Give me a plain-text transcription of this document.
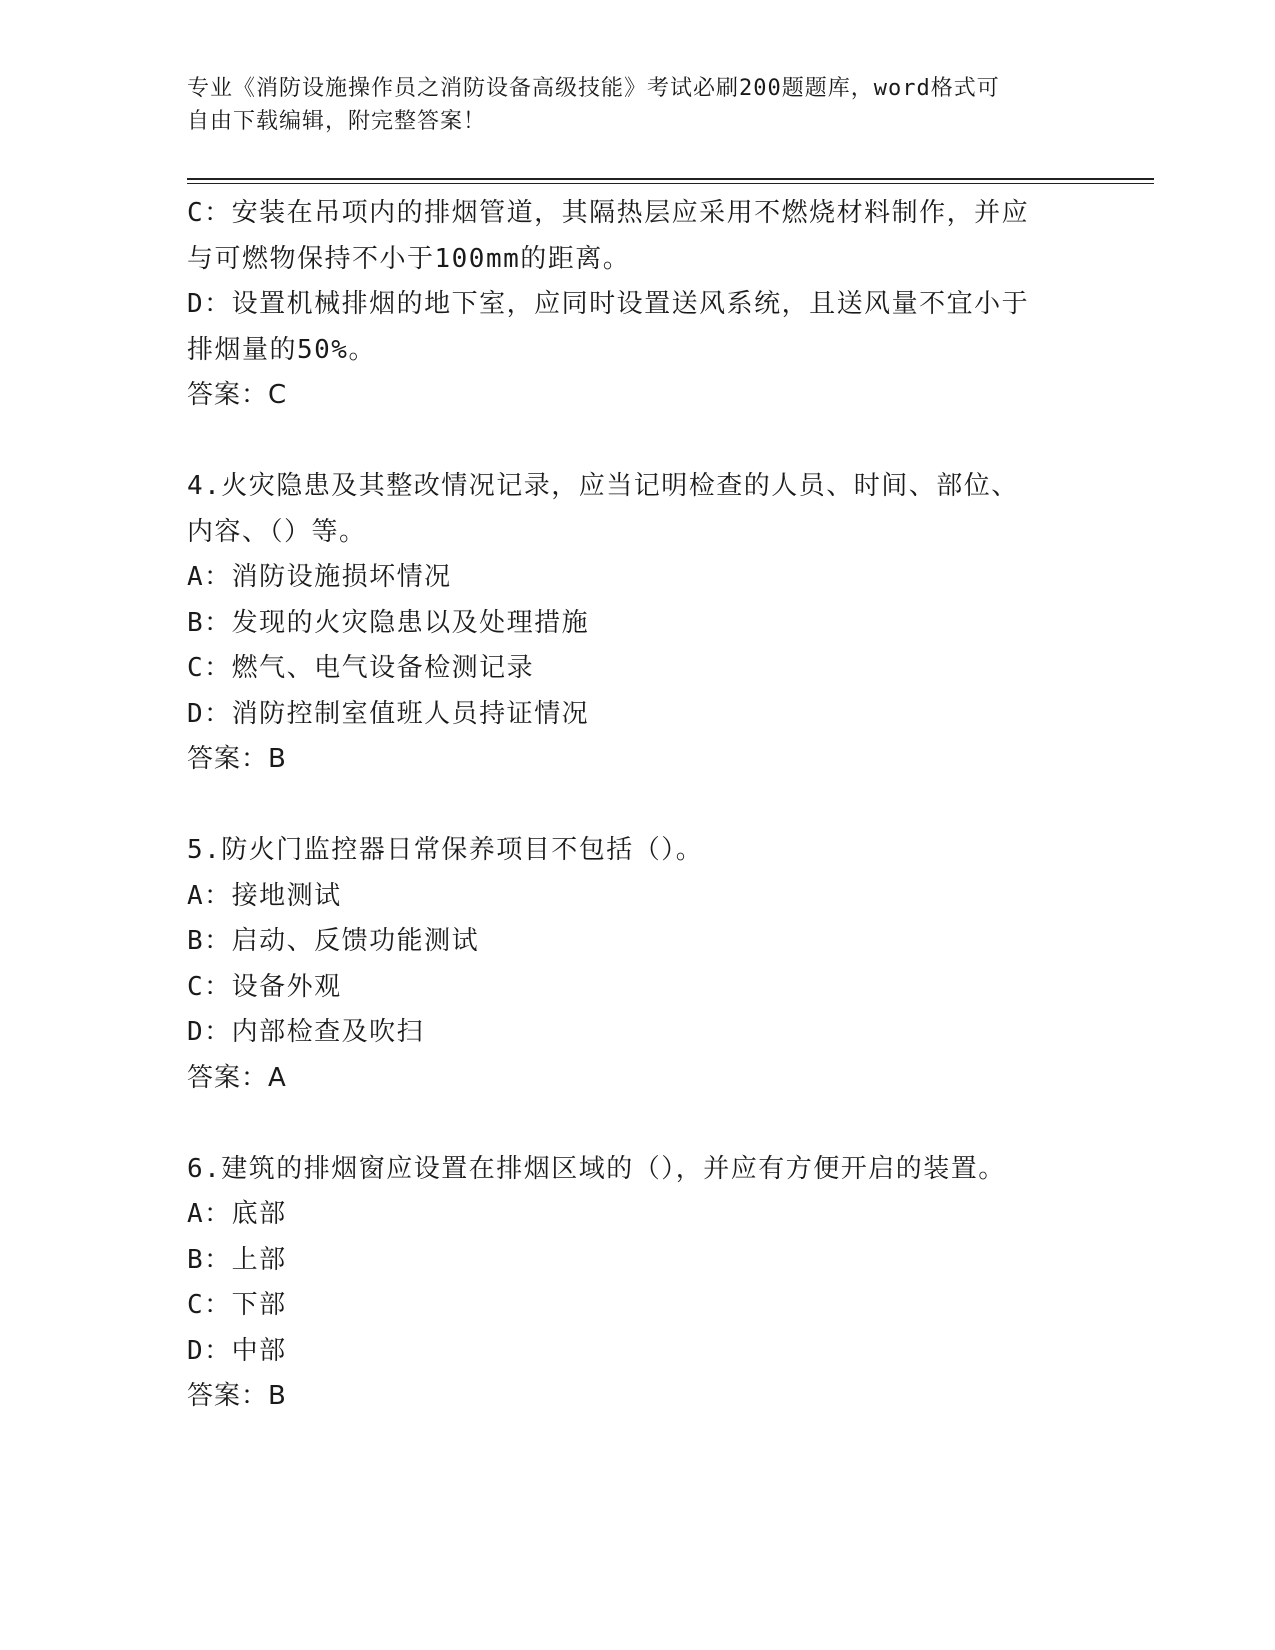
专业《消防设施操作员之消防设备高级技能》考试必刷200题题库，word格式可
自由下载编辑，附完整答案！
C：安装在吊项内的排烟管道，其隔热层应采用不燃烧材料制作，并应
与可燃物保持不小于100mm的距离。
D：设置机械排烟的地下室，应同时设置送风系统，且送风量不宜小于
排烟量的50%。
答案：C
4.火灾隐患及其整改情况记录，应当记明检查的人员、时间、部位、
内容、（）等。
A：消防设施损坏情况
B：发现的火灾隐患以及处理措施
C：燃气、电气设备检测记录
D：消防控制室值班人员持证情况
答案：B
5.防火门监控器日常保养项目不包括（）。
A：接地测试
B：启动、反馈功能测试
C：设备外观
D：内部检查及吹扫
答案：A
6.建筑的排烟窗应设置在排烟区域的（），并应有方便开启的装置。
A：底部
B：上部
C：下部
D：中部
答案：B
